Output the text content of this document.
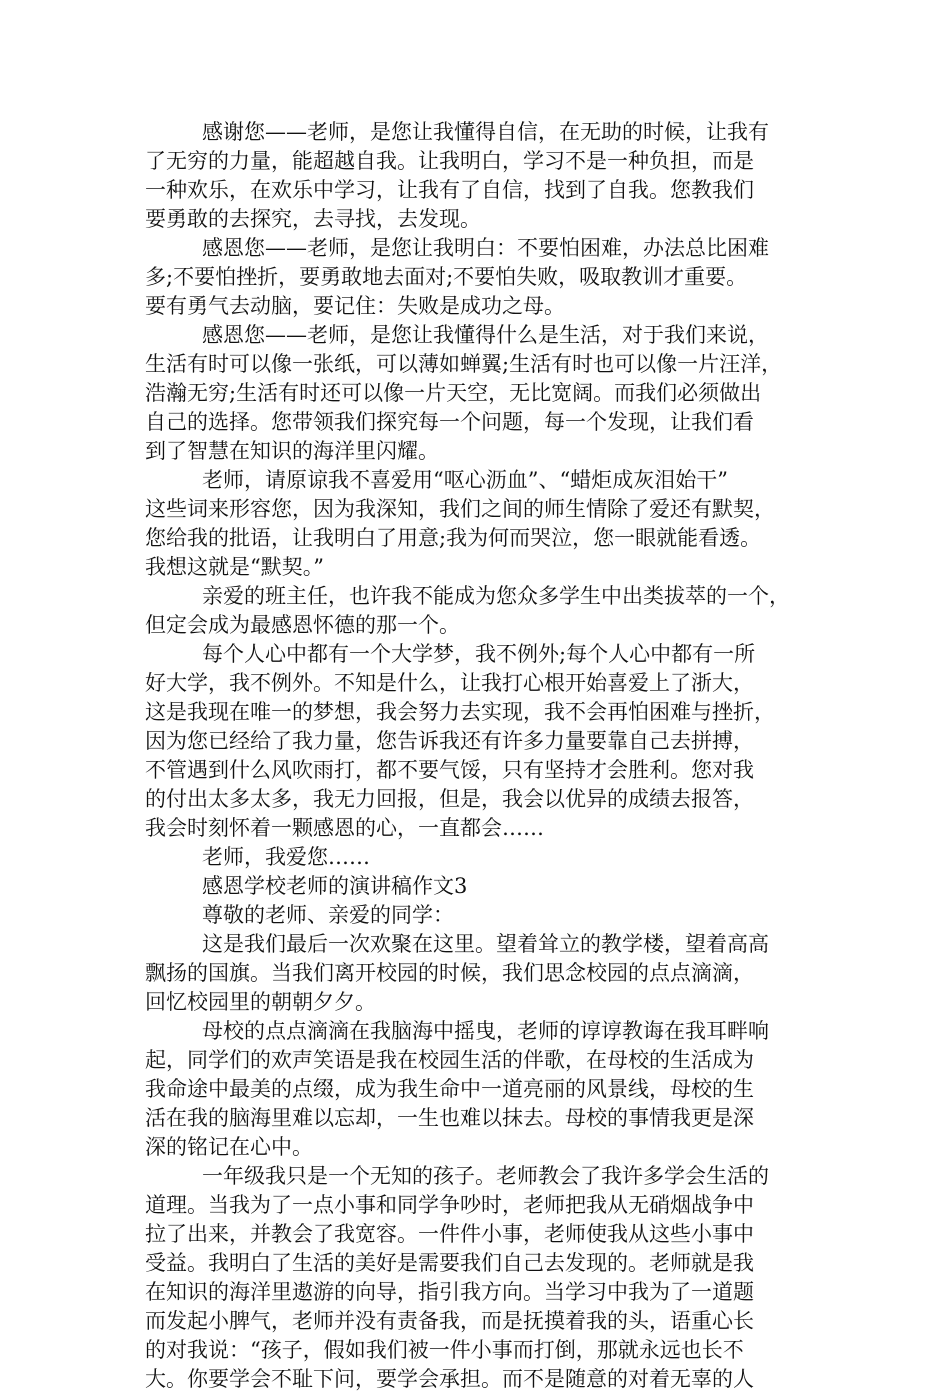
感谢您——老师，是您让我懂得自信，在无助的时候，让我有
了无穷的力量，能超越自我。让我明白，学习不是一种负担，而是
一种欢乐，在欢乐中学习，让我有了自信，找到了自我。您教我们
要勇敢的去探究，去寻找，去发现。
感恩您——老师，是您让我明白：不要怕困难，办法总比困难
多;不要怕挫折，要勇敢地去面对;不要怕失败，吸取教训才重要。
要有勇气去动脑，要记住：失败是成功之母。
感恩您——老师，是您让我懂得什么是生活，对于我们来说，
生活有时可以像一张纸，可以薄如蝉翼;生活有时也可以像一片汪洋，
浩瀚无穷;生活有时还可以像一片天空，无比宽阔。而我们必须做出
自己的选择。您带领我们探究每一个问题，每一个发现，让我们看
到了智慧在知识的海洋里闪耀。
老师，请原谅我不喜爱用“呕心沥血”、“蜡炬成灰泪始干”
这些词来形容您，因为我深知，我们之间的师生情除了爱还有默契，
您给我的批语，让我明白了用意;我为何而哭泣，您一眼就能看透。
我想这就是“默契。”
亲爱的班主任，也许我不能成为您众多学生中出类拔萃的一个，
但定会成为最感恩怀德的那一个。
每个人心中都有一个大学梦，我不例外;每个人心中都有一所
好大学，我不例外。不知是什么，让我打心根开始喜爱上了浙大，
这是我现在唯一的梦想，我会努力去实现，我不会再怕困难与挫折，
因为您已经给了我力量，您告诉我还有许多力量要靠自己去拼搏，
不管遇到什么风吹雨打，都不要气馁，只有坚持才会胜利。您对我
的付出太多太多，我无力回报，但是，我会以优异的成绩去报答，
我会时刻怀着一颗感恩的心，一直都会……
老师，我爱您……
感恩学校老师的演讲稿作文3
尊敬的老师、亲爱的同学：
这是我们最后一次欢聚在这里。望着耸立的教学楼，望着高高
飘扬的国旗。当我们离开校园的时候，我们思念校园的点点滴滴，
回忆校园里的朝朝夕夕。
母校的点点滴滴在我脑海中摇曳，老师的谆谆教诲在我耳畔响
起，同学们的欢声笑语是我在校园生活的伴歌，在母校的生活成为
我命途中最美的点缀，成为我生命中一道亮丽的风景线，母校的生
活在我的脑海里难以忘却，一生也难以抹去。母校的事情我更是深
深的铭记在心中。
一年级我只是一个无知的孩子。老师教会了我许多学会生活的
道理。当我为了一点小事和同学争吵时，老师把我从无硝烟战争中
拉了出来，并教会了我宽容。一件件小事，老师使我从这些小事中
受益。我明白了生活的美好是需要我们自己去发现的。老师就是我
在知识的海洋里遨游的向导，指引我方向。当学习中我为了一道题
而发起小脾气，老师并没有责备我，而是抚摸着我的头，语重心长
的对我说：“孩子，假如我们被一件小事而打倒，那就永远也长不
大。你要学会不耻下问，要学会承担。而不是随意的对着无辜的人
